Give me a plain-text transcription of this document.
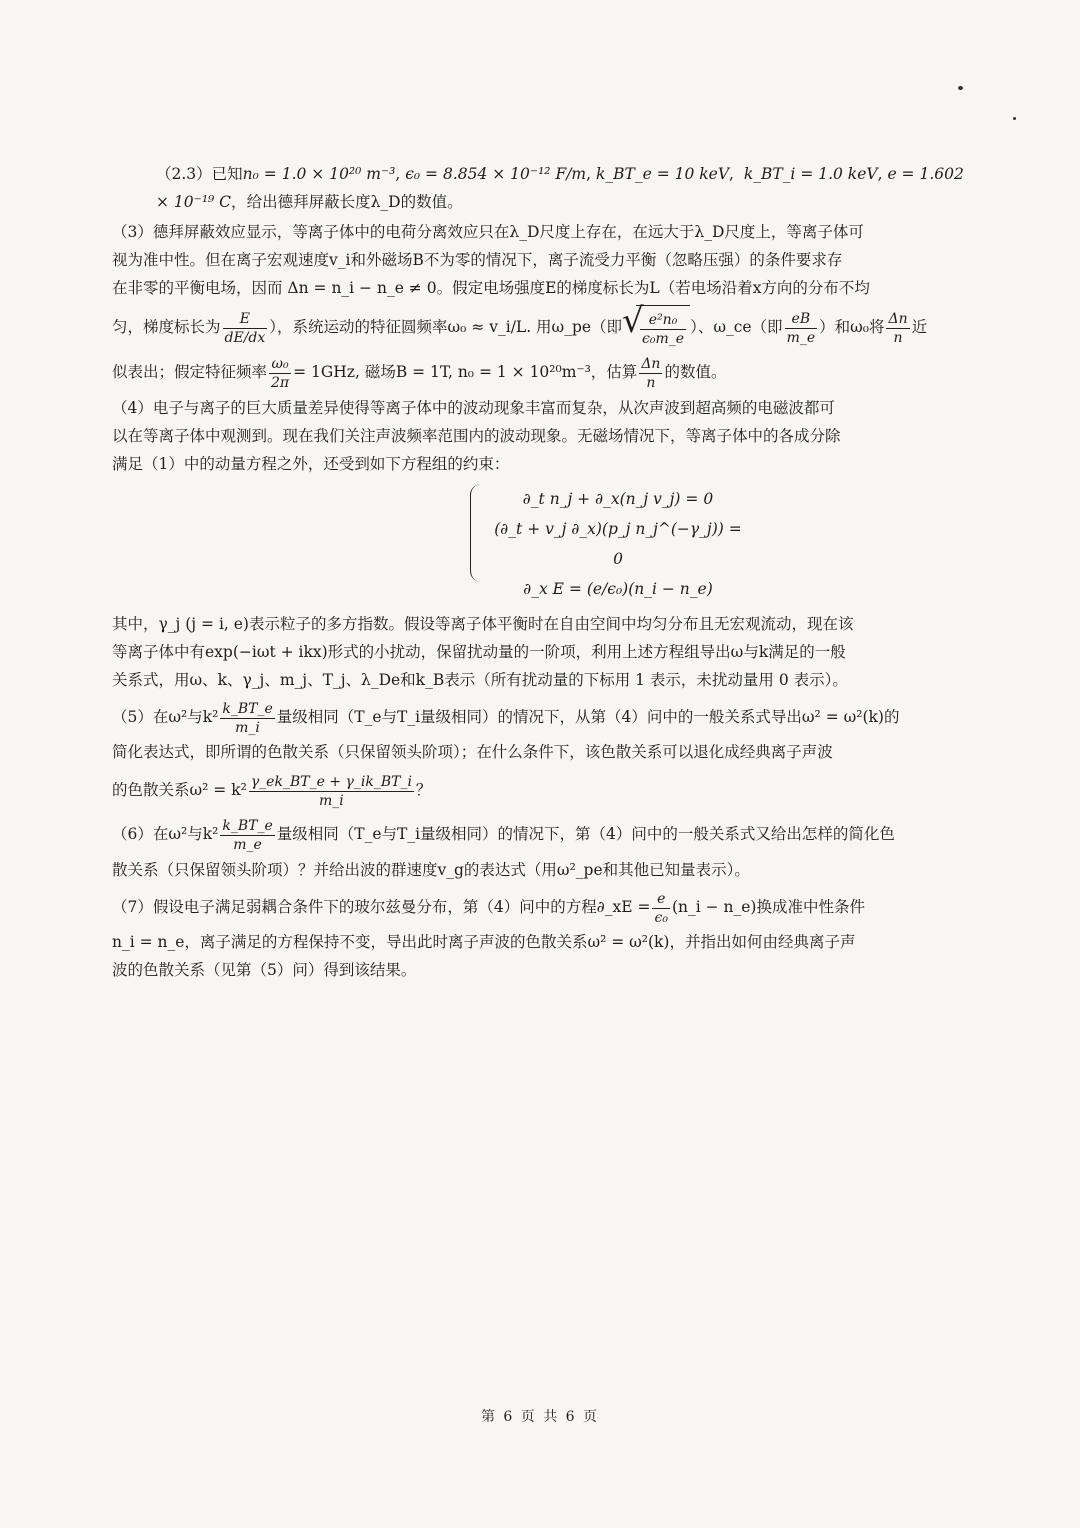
（2.3）已知n₀ = 1.0 × 10²⁰ m⁻³, ϵ₀ = 8.854 × 10⁻¹² F/m, k_BT_e = 10 keV,  k_BT_i = 1.0 keV, e = 1.602 × 10⁻¹⁹ C，给出德拜屏蔽长度λ_D的数值。

（3）德拜屏蔽效应显示，等离子体中的电荷分离效应只在λ_D尺度上存在，在远大于λ_D尺度上，等离子体可
视为准中性。但在离子宏观速度v_i和外磁场B不为零的情况下，离子流受力平衡（忽略压强）的条件要求存
在非零的平衡电场，因而 Δn = n_i − n_e ≠ 0。假定电场强度E的梯度标长为L（若电场沿着x方向的分布不均

匀，梯度标长为 $\frac{E}{dE/dx}$ ），系统运动的特征圆频率ω₀ ≈ v_i/L. 用ω_pe（即 √
$\frac{\text{e²n₀}}{\text{ϵ₀m\_e}}$ ）、ω_ce（即 $\frac{eB}{m\_e}$ ）和ω₀将 $\frac{\Delta n}{n}$ 近
似表出；假定特征频率 $\frac{\text{ω₀}}{2\pi} = 1GHz$, 磁场B = 1T, n₀ = 1 × 10²⁰m⁻³，估算 $\frac{\Delta n}{n}$ 的数值。

（4）电子与离子的巨大质量差异使得等离子体中的波动现象丰富而复杂，从次声波到超高频的电磁波都可
以在等离子体中观测到。现在我们关注声波频率范围内的波动现象。无磁场情况下，等离子体中的各成分除
满足（1）中的动量方程之外，还受到如下方程组的约束：

∂_t n_j + ∂_x(n_j v_j) = 0
(∂_t + v_j ∂_x)(p_j n_j^(−γ_j)) = 0
∂_x E = (e/ϵ₀)(n_i − n_e)

其中，γ_j (j = i, e)表示粒子的多方指数。假设等离子体平衡时在自由空间中均匀分布且无宏观流动，现在该
等离子体中有exp(−iωt + ikx)形式的小扰动，保留扰动量的一阶项，利用上述方程组导出ω与k满足的一般
关系式，用ω、k、γ_j、m_j、T_j、λ_De和k_B表示（所有扰动量的下标用 1 表示，未扰动量用 0 表示）。

（5）在ω²与$k^2 \frac{k\_BT\_e}{m\_i}$ 量级相同（T_e与T_i量级相同）的情况下，从第（4）问中的一般关系式导出ω² = ω²(k)的

简化表达式，即所谓的色散关系（只保留领头阶项）；在什么条件下，该色散关系可以退化成经典离子声波

的色散关系$\omega^2 = k^2 \frac{\gamma\_ek\_BT\_e + \gamma\_ik\_BT\_i}{m\_i}$ ？
（6）在ω²与$k^2 \frac{k\_BT\_e}{m\_e}$ 量级相同（T_e与T_i量级相同）的情况下，第（4）问中的一般关系式又给出怎样的简化色

散关系（只保留领头阶项）？并给出波的群速度v_g的表达式（用ω²_pe和其他已知量表示）。

（7）假设电子满足弱耦合条件下的玻尔兹曼分布，第（4）问中的方程∂_xE = $\frac{e}{\text{ϵ₀}}$ (n_i − n_e)换成准中性条件

n_i = n_e，离子满足的方程保持不变，导出此时离子声波的色散关系ω² = ω²(k)，并指出如何由经典离子声
波的色散关系（见第（5）问）得到该结果。

第 6 页 共 6 页
